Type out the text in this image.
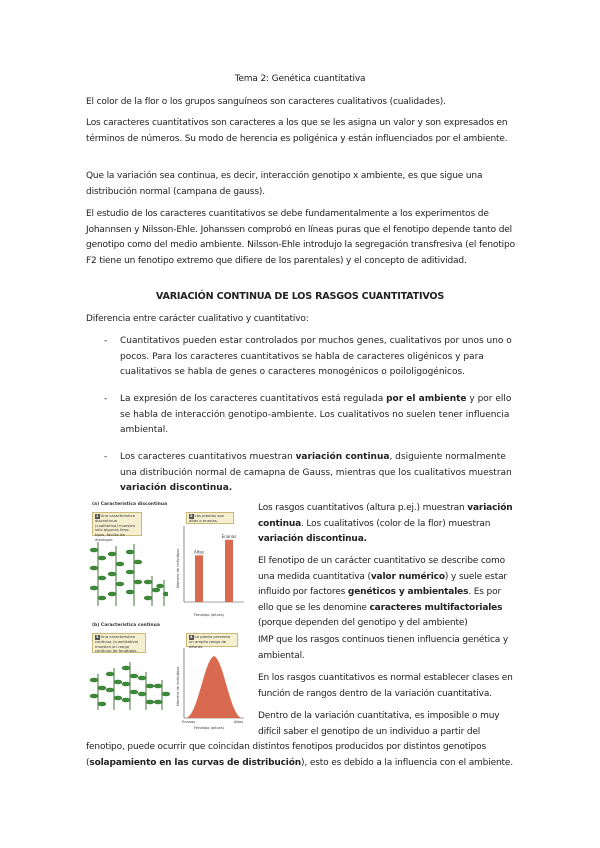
Tema 2: Genética cuantitativa

El color de la flor o los grupos sanguíneos son caracteres cualitativos (cualidades).

Los caracteres cuantitativos son caracteres a los que se les asigna un valor y son expresados en términos de números. Su modo de herencia es poligénica y están influenciados por el ambiente.

Que la variación sea continua, es decir, interacción genotipo x ambiente, es que sigue una distribución normal (campana de gauss).

El estudio de los caracteres cuantitativos se debe fundamentalmente a los experimentos de Johannsen y Nilsson-Ehle. Johanssen comprobó en líneas puras que el fenotipo depende tanto del genotipo como del medio ambiente. Nilsson-Ehle introdujo la segregación transfresiva (el fenotipo F2 tiene un fenotipo extremo que difiere de los parentales) y el concepto de aditividad.

VARIACIÓN CONTINUA DE LOS RASGOS CUANTITATIVOS

Diferencia entre carácter cualitativo y cuantitativo:

- Cuantitativos pueden estar controlados por muchos genes, cualitativos por unos uno o pocos. Para los caracteres cuantitativos se habla de caracteres oligénicos y para cualitativos se habla de genes o caracteres monogénicos o poiloligogénicos.
- La expresión de los caracteres cuantitativos está regulada por el ambiente y por ello se habla de interacción genotipo-ambiente. Los cualitativos no suelen tener influencia ambiental.
- Los caracteres cuantitativos muestran variación continua, dsiguiente normalmente una distribución normal de camapna de Gauss, mientras que los cualitativos muestran variación discontinua.
(a) Característica discontinua
1 Una característica discontinua (cualitativa) muestra solo algunos feno-tipos, fáciles de distinguir.
2 Las plantas son altas o enanas.
Número de individuos	Altas
Enanas
Fenotipo (altura)
(b) Característica continua
3 Una característica continua (cuantitativa) muestra un rango continuo de fenotipos.
4 La planta presenta un amplio rango de alturas.
Número de individuos
Enanas	Altas
Fenotipo (altura)

Los rasgos cuantitativos (altura p.ej.) muestran variación continua. Los cualitativos (color de la flor) muestran variación discontinua.

El fenotipo de un carácter cuantitativo se describe como una medida cuantitativa (valor numérico) y suele estar influido por factores genéticos y ambientales. Es por ello que se les denomine caracteres multifactoriales (porque dependen del genotipo y del ambiente)

IMP que los rasgos continuos tienen influencia genética y ambiental.

En los rasgos cuantitativos es normal establecer clases en función de rangos dentro de la variación cuantitativa.

Dentro de la variación cuantitativa, es imposible o muy difícil saber el genotipo de un individuo a partir del

fenotipo, puede ocurrir que coincidan distintos fenotipos producidos por distintos genotipos (solapamiento en las curvas de distribución), esto es debido a la influencia con el ambiente.
